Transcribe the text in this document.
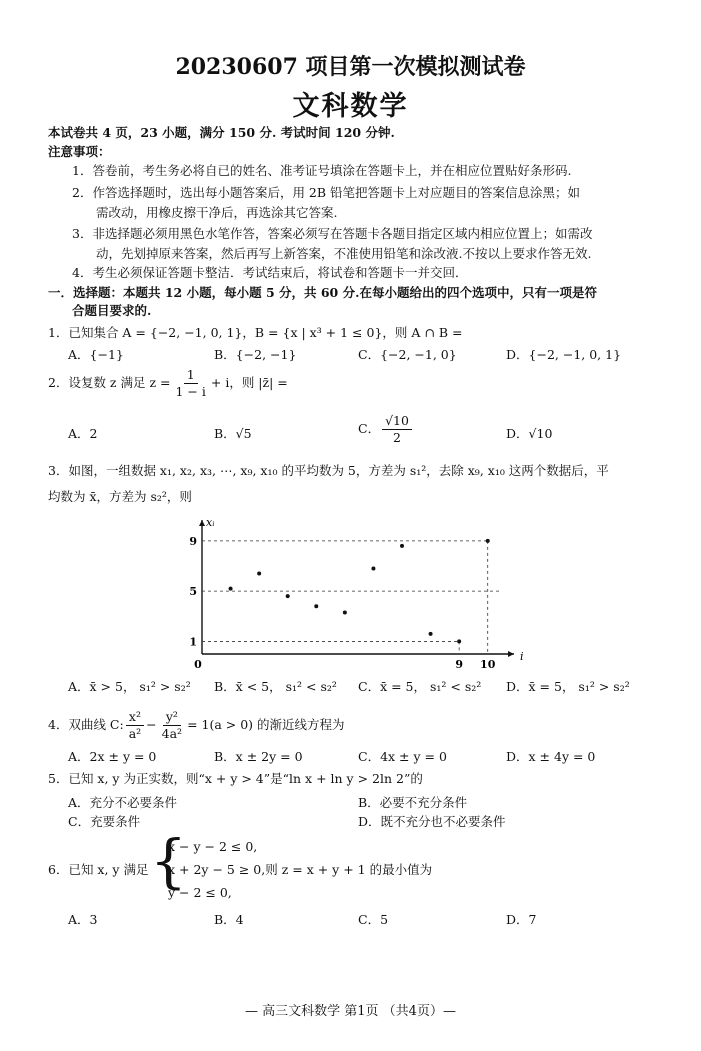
20230607 项目第一次模拟测试卷
文科数学
本试卷共 4 页，23 小题，满分 150 分. 考试时间 120 分钟.
注意事项：
1．答卷前，考生务必将自已的姓名、准考证号填涂在答题卡上，并在相应位置贴好条形码.
2．作答选择题时，选出每小题答案后，用 2B 铅笔把答题卡上对应题目的答案信息涂黑；如
需改动，用橡皮擦干净后，再选涂其它答案.
3．非选择题必须用黑色水笔作答，答案必须写在答题卡各题目指定区域内相应位置上；如需改
动，先划掉原来答案，然后再写上新答案，不准使用铅笔和涂改液.不按以上要求作答无效.
4．考生必须保证答题卡整洁．考试结束后，将试卷和答题卡一并交回．
一．选择题：本题共 12 小题，每小题 5 分，共 60 分.在每小题给出的四个选项中，只有一项是符
合题目要求的.
1．已知集合 A = {−2, −1, 0, 1}，B = {x | x³ + 1 ≤ 0}，则 A ∩ B =
A．{−1}	B．{−2, −1}	C．{−2, −1, 0}	D．{−2, −1, 0, 1}
2．设复数 z 满足 $z = \frac{1}{1 - i} + i$，则 |z̄| =
A．2	B．√5	C． $\frac{√10}{2}$	D．√10
3．如图，一组数据 x₁, x₂, x₃, ⋯, x₉, x₁₀ 的平均数为 5，方差为 s₁²，去除 x₉, x₁₀ 这两个数据后，平
均数为 x̄，方差为 s₂²，则
9
5
1
0	9 10
i
xᵢ
A．x̄ > 5， s₁² > s₂² B．x̄ < 5， s₁² < s₂² C．x̄ = 5， s₁² < s₂² D．x̄ = 5， s₁² > s₂²
4．双曲线 C: $\frac{\text{x²}}{\text{a²}} - \frac{\text{y²}}{\text{4a²}} = 1(a > 0)$ 的渐近线方程为
A．2x ± y = 0	B．x ± 2y = 0	C．4x ± y = 0	D．x ± 4y = 0
5．已知 x, y 为正实数，则“x + y > 4”是“ln x + ln y > 2ln 2”的
A．充分不必要条件	B．必要不充分条件
C．充要条件	D．既不充分也不必要条件
6．已知 x, y 满足 {
x − y − 2 ≤ 0,
x + 2y − 5 ≥ 0,则 z = x + y + 1 的最小值为
y − 2 ≤ 0,
A．3	B．4	C．5	D．7
— 高三文科数学 第1页 （共4页）—
